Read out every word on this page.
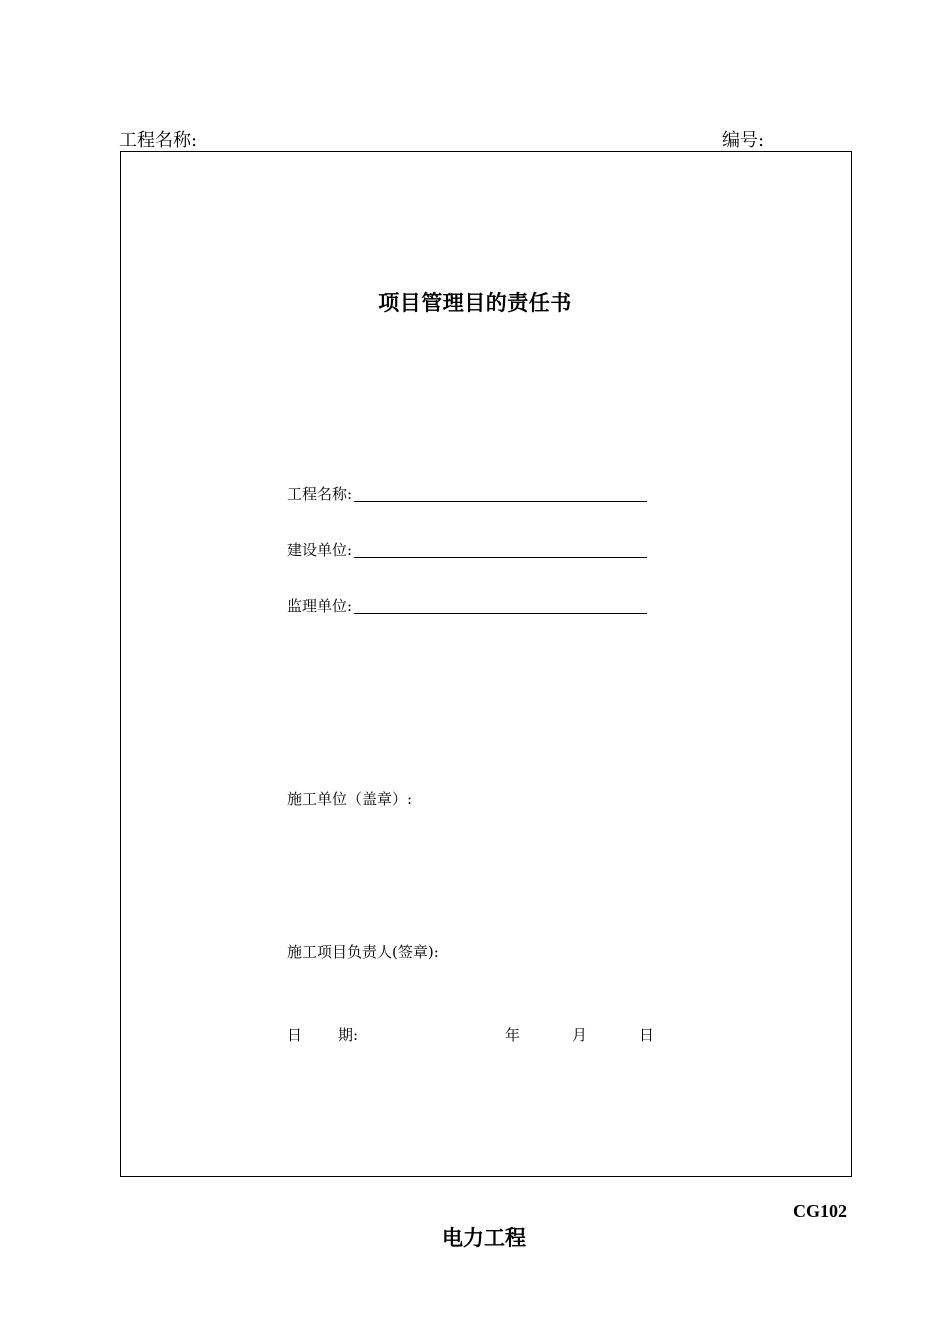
工程名称:	编号:
项目管理目的责任书
工程名称:
建设单位:
监理单位:
施工单位（盖章）:
施工项目负责人(签章):
日 期:	年	月	日
CG102
电力工程
